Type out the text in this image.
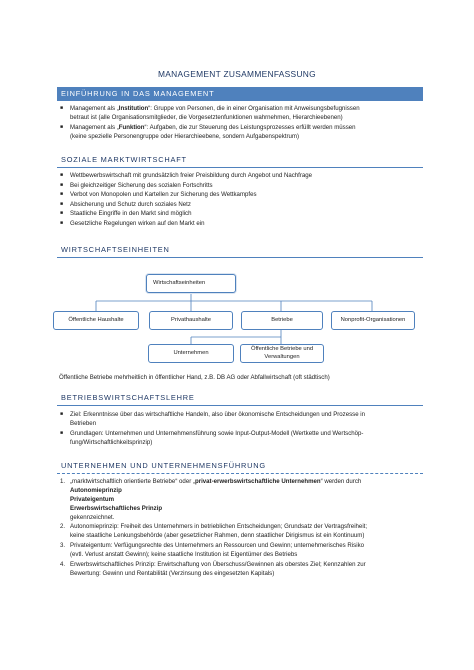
MANAGEMENT ZUSAMMENFASSUNG
EINFÜHRUNG IN DAS MANAGEMENT
■ Management als „Institution“: Gruppe von Personen, die in einer Organisation mit Anweisungsbefugnissen
betraut ist (alle Organisationsmitglieder, die Vorgesetztenfunktionen wahrnehmen, Hierarchieebenen)
■ Management als „Funktion“: Aufgaben, die zur Steuerung des Leistungsprozesses erfüllt werden müssen
(keine spezielle Personengruppe oder Hierarchieebene, sondern Aufgabenspektrum)
SOZIALE MARKTWIRTSCHAFT
■ Wettbewerbswirtschaft mit grundsätzlich freier Preisbildung durch Angebot und Nachfrage
■ Bei gleichzeitiger Sicherung des sozialen Fortschritts
■ Verbot von Monopolen und Kartellen zur Sicherung des Wettkampfes
■ Absicherung und Schutz durch soziales Netz
■ Staatliche Eingriffe in den Markt sind möglich
■ Gesetzliche Regelungen wirken auf den Markt ein
WIRTSCHAFTSEINHEITEN
Wirtschaftseinheiten
Öffentliche Haushalte	Privathaushalte	Betriebe	Nonprofit-Organisationen
Unternehmen
Öffentliche Betriebe und
Verwaltungen
Öffentliche Betriebe mehrheitlich in öffentlicher Hand, z.B. DB AG oder Abfallwirtschaft (oft städtisch)
BETRIEBSWIRTSCHAFTSLEHRE
■ Ziel: Erkenntnisse über das wirtschaftliche Handeln, also über ökonomische Entscheidungen und Prozesse in
Betrieben
■ Grundlagen: Unternehmen und Unternehmensführung sowie Input-Output-Modell (Wertkette und Wertschöp-
fung/Wirtschaftlichkeitsprinzip)
UNTERNEHMEN UND UNTERNEHMENSFÜHRUNG
1. „marktwirtschaftlich orientierte Betriebe“ oder „privat-erwerbswirtschaftliche Unternehmen“ werden durch
Autonomieprinzip
Privateigentum
Erwerbswirtschaftliches Prinzip
gekennzeichnet.
2. Autonomieprinzip: Freiheit des Unternehmers in betrieblichen Entscheidungen; Grundsatz der Vertragsfreiheit;
keine staatliche Lenkungsbehörde (aber gesetzlicher Rahmen, denn staatlicher Dirigismus ist ein Kontinuum)
3. Privateigentum: Verfügungsrechte des Unternehmers an Ressourcen und Gewinn; unternehmerisches Risiko
(evtl. Verlust anstatt Gewinn); keine staatliche Institution ist Eigentümer des Betriebs
4. Erwerbswirtschaftliches Prinzip: Erwirtschaftung von Überschuss/Gewinnen als oberstes Ziel; Kennzahlen zur
Bewertung: Gewinn und Rentabilität (Verzinsung des eingesetzten Kapitals)
